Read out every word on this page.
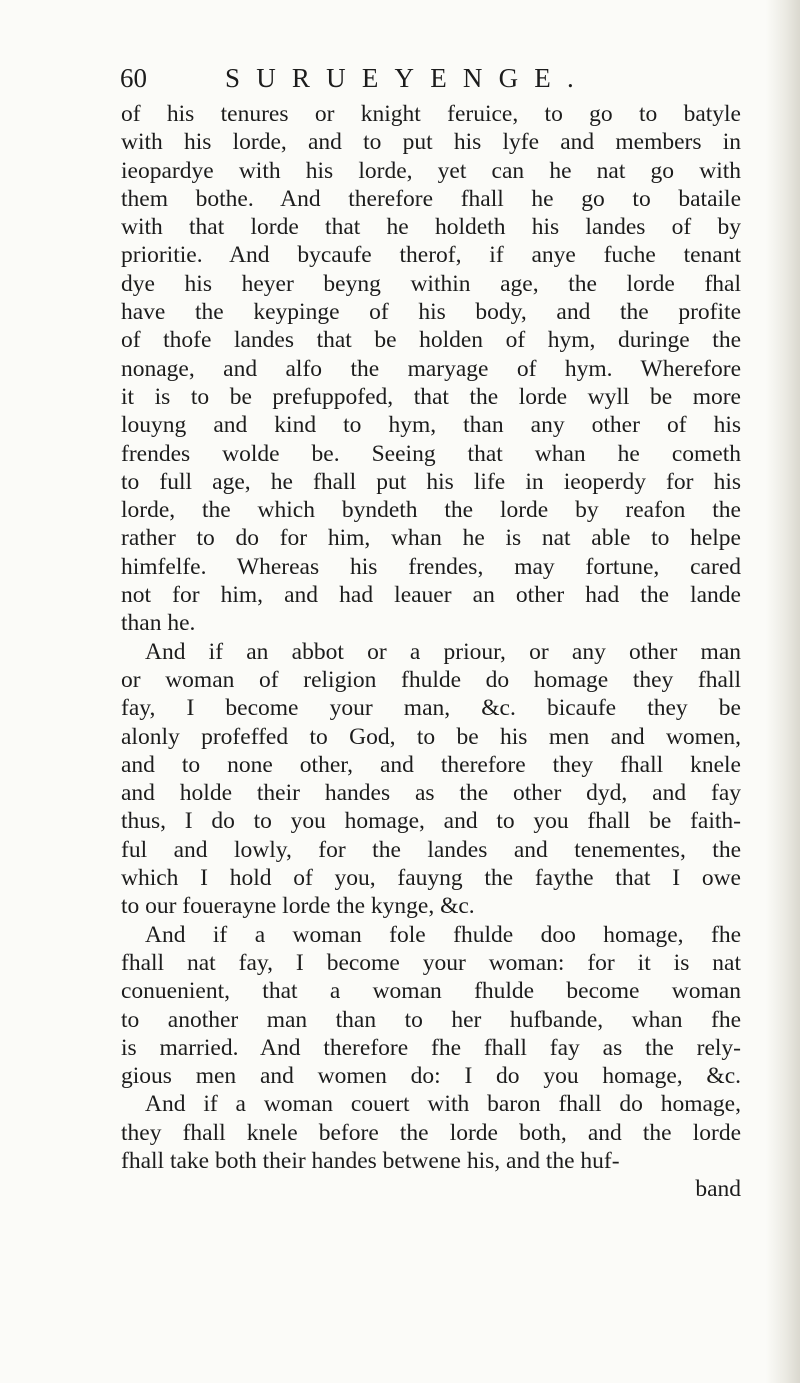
60	SURUEYENGE.
of his tenures or knight feruice, to go to batyle
with his lorde, and to put his lyfe and members in
ieopardye with his lorde, yet can he nat go with
them bothe. And therefore fhall he go to bataile
with that lorde that he holdeth his landes of by
prioritie. And bycaufe therof, if anye fuche tenant
dye his heyer beyng within age, the lorde fhal
have the keypinge of his body, and the profite
of thofe landes that be holden of hym, duringe the
nonage, and alfo the maryage of hym. Wherefore
it is to be prefuppofed, that the lorde wyll be more
louyng and kind to hym, than any other of his
frendes wolde be. Seeing that whan he cometh
to full age, he fhall put his life in ieoperdy for his
lorde, the which byndeth the lorde by reafon the
rather to do for him, whan he is nat able to helpe
himfelfe. Whereas his frendes, may fortune, cared
not for him, and had leauer an other had the lande
than he.
And if an abbot or a priour, or any other man
or woman of religion fhulde do homage they fhall
fay, I become your man, &c. bicaufe they be
alonly profeffed to God, to be his men and women,
and to none other, and therefore they fhall knele
and holde their handes as the other dyd, and fay
thus, I do to you homage, and to you fhall be faith-
ful and lowly, for the landes and tenementes, the
which I hold of you, fauyng the faythe that I owe
to our fouerayne lorde the kynge, &c.
And if a woman fole fhulde doo homage, fhe
fhall nat fay, I become your woman: for it is nat
conuenient, that a woman fhulde become woman
to another man than to her hufbande, whan fhe
is married. And therefore fhe fhall fay as the rely-
gious men and women do: I do you homage, &c.
And if a woman couert with baron fhall do homage,
they fhall knele before the lorde both, and the lorde
fhall take both their handes betwene his, and the huf-
band
